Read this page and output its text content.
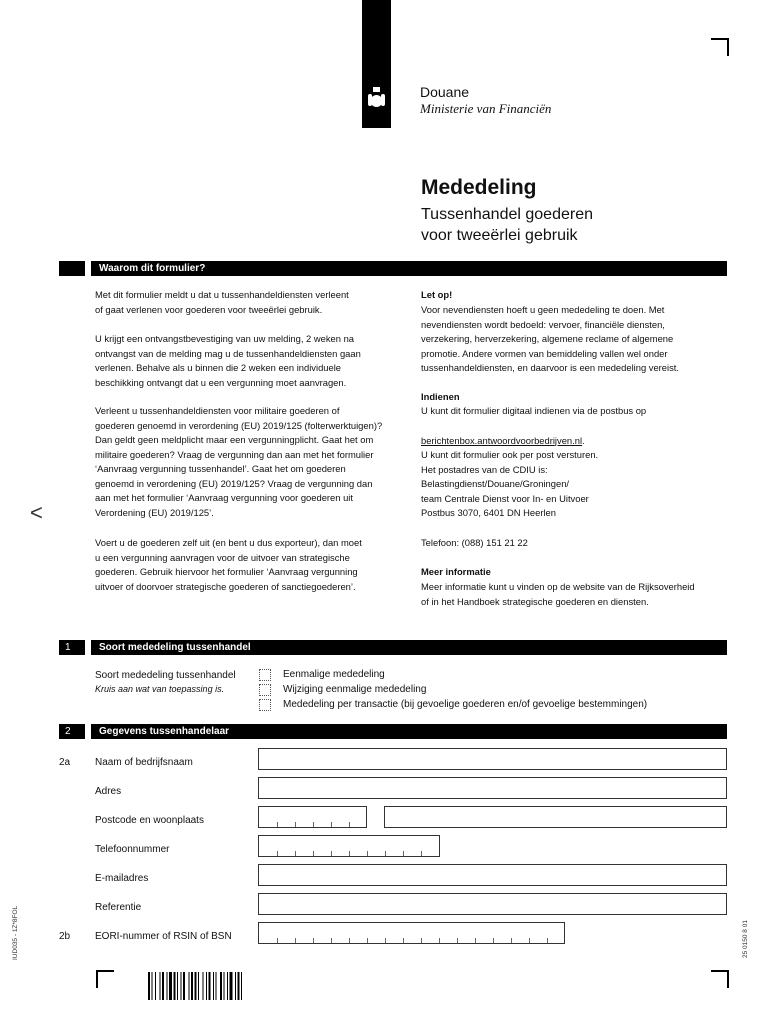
Douane
Ministerie van Financiën
Mededeling
Tussenhandel goederen
voor tweeërlei gebruik
Waarom dit formulier?
<
Met dit formulier meldt u dat u tussenhandeldiensten verleent
of gaat verlenen voor goederen voor tweeërlei gebruik.
U krijgt een ontvangstbevestiging van uw melding, 2 weken na
ontvangst van de melding mag u de tussenhandeldiensten gaan
verlenen. Behalve als u binnen die 2 weken een individuele
beschikking ontvangt dat u een vergunning moet aanvragen.
Verleent u tussenhandeldiensten voor militaire goederen of
goederen genoemd in verordening (EU) 2019/125 (folterwerktuigen)?
Dan geldt geen meldplicht maar een vergunningplicht. Gaat het om
militaire goederen? Vraag de vergunning dan aan met het formulier
‘Aanvraag vergunning tussenhandel’. Gaat het om goederen
genoemd in verordening (EU) 2019/125? Vraag de vergunning dan
aan met het formulier ‘Aanvraag vergunning voor goederen uit
Verordening (EU) 2019/125’.
Voert u de goederen zelf uit (en bent u dus exporteur), dan moet
u een vergunning aanvragen voor de uitvoer van strategische
goederen. Gebruik hiervoor het formulier ‘Aanvraag vergunning
uitvoer of doorvoer strategische goederen of sanctiegoederen’.
Let op!
Voor nevendiensten hoeft u geen mededeling te doen. Met
nevendiensten wordt bedoeld: vervoer, financiële diensten,
verzekering, herverzekering, algemene reclame of algemene
promotie. Andere vormen van bemiddeling vallen wel onder
tussenhandeldiensten, en daarvoor is een mededeling vereist.
Indienen
U kunt dit formulier digitaal indienen via de postbus op

berichtenbox.antwoordvoorbedrijven.nl.

U kunt dit formulier ook per post versturen.
Het postadres van de CDIU is:
Belastingdienst/Douane/Groningen/
team Centrale Dienst voor In- en Uitvoer
Postbus 3070, 6401 DN Heerlen
Telefoon: (088) 151 21 22
Meer informatie
Meer informatie kunt u vinden op de website van de Rijksoverheid
of in het Handboek strategische goederen en diensten.
1	Soort mededeling tussenhandel
Soort mededeling tussenhandel
Kruis aan wat van toepassing is.
Eenmalige mededeling
Wijziging eenmalige mededeling
Mededeling per transactie (bij gevoelige goederen en/of gevoelige bestemmingen)
2	Gegevens tussenhandelaar
2a Naam of bedrijfsnaam
Adres
Postcode en woonplaats
Telefoonnummer
E-mailadres
Referentie
2b EORI-nummer of RSIN of BSN
IUD035 - 1Z*8FOL	25 0150 8 01
